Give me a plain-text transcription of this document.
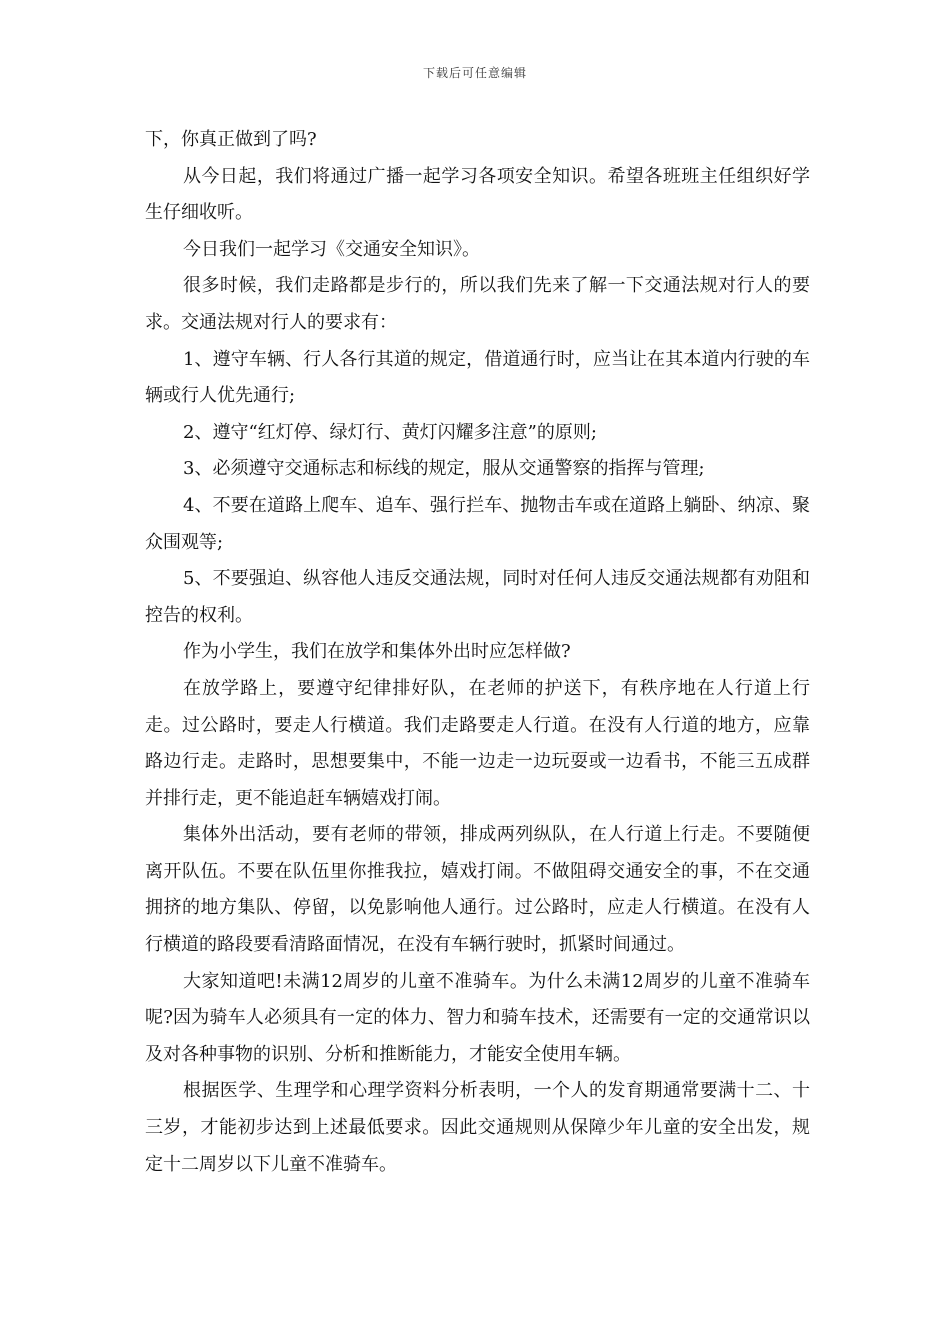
下载后可任意编辑

下，你真正做到了吗?

从今日起，我们将通过广播一起学习各项安全知识。希望各班班主任组织好学生仔细收听。

今日我们一起学习《交通安全知识》。

很多时候，我们走路都是步行的，所以我们先来了解一下交通法规对行人的要求。交通法规对行人的要求有：

1、遵守车辆、行人各行其道的规定，借道通行时，应当让在其本道内行驶的车辆或行人优先通行;

2、遵守“红灯停、绿灯行、黄灯闪耀多注意”的原则;

3、必须遵守交通标志和标线的规定，服从交通警察的指挥与管理;

4、不要在道路上爬车、追车、强行拦车、抛物击车或在道路上躺卧、纳凉、聚众围观等;

5、不要强迫、纵容他人违反交通法规，同时对任何人违反交通法规都有劝阻和控告的权利。

作为小学生，我们在放学和集体外出时应怎样做?

在放学路上，要遵守纪律排好队，在老师的护送下，有秩序地在人行道上行走。过公路时，要走人行横道。我们走路要走人行道。在没有人行道的地方，应靠路边行走。走路时，思想要集中，不能一边走一边玩耍或一边看书，不能三五成群并排行走，更不能追赶车辆嬉戏打闹。

集体外出活动，要有老师的带领，排成两列纵队，在人行道上行走。不要随便离开队伍。不要在队伍里你推我拉，嬉戏打闹。不做阻碍交通安全的事，不在交通拥挤的地方集队、停留，以免影响他人通行。过公路时，应走人行横道。在没有人行横道的路段要看清路面情况，在没有车辆行驶时，抓紧时间通过。

大家知道吧!未满12周岁的儿童不准骑车。为什么未满12周岁的儿童不准骑车呢?因为骑车人必须具有一定的体力、智力和骑车技术，还需要有一定的交通常识以及对各种事物的识别、分析和推断能力，才能安全使用车辆。

根据医学、生理学和心理学资料分析表明，一个人的发育期通常要满十二、十三岁，才能初步达到上述最低要求。因此交通规则从保障少年儿童的安全出发，规定十二周岁以下儿童不准骑车。
